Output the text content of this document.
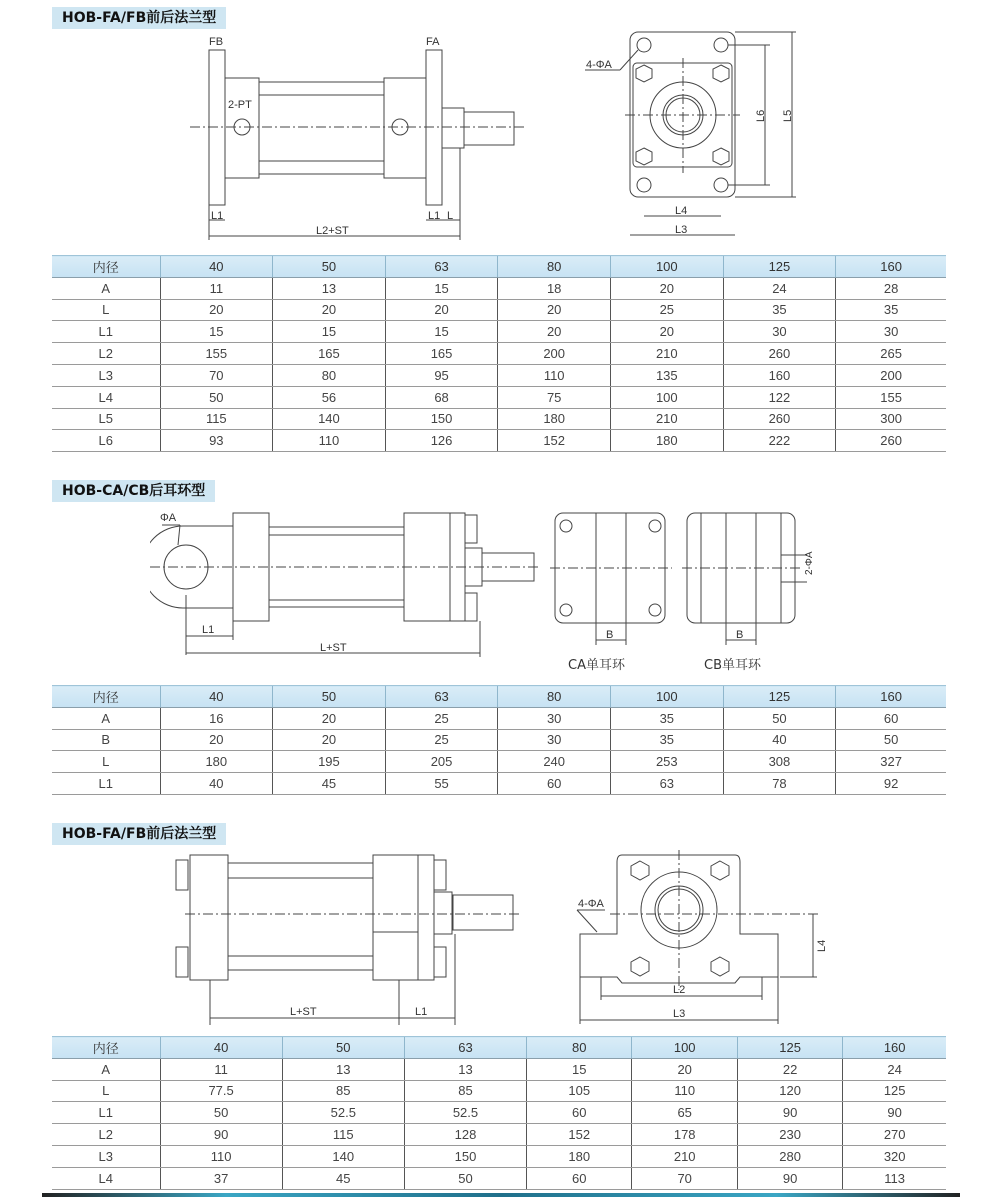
HOB-FA/FB前后法兰型
FB	FA
2-PT
L1	L1 L
L2+ST
4-ΦA
L4
L3
L6 L5
内径	40	50	63	80	100	125	160
A	11	13	15	18	20	24	28
L	20	20	20	20	25	35	35
L1	15	15	15	20	20	30	30
L2	155	165	165	200	210	260	265
L3	70	80	95	110	135	160	200
L4	50	56	68	75	100	122	155
L5	115	140	150	180	210	260	300
L6	93	110	126	152	180	222	260
HOB-CA/CB后耳环型
ΦA
L1
L+ST
B
CA单耳环
B
2-ΦA
CB单耳环
内径	40	50	63	80	100	125	160
A	16	20	25	30	35	50	60
B	20	20	25	30	35	40	50
L	180	195	205	240	253	308	327
L1	40	45	55	60	63	78	92
HOB-FA/FB前后法兰型
L+ST	L1
4-ΦA
L2
L3
L4
内径	40	50	63	80	100	125	160
A	11	13	13	15	20	22	24
L	77.5	85	85	105	110	120	125
L1	50	52.5	52.5	60	65	90	90
L2	90	115	128	152	178	230	270
L3	110	140	150	180	210	280	320
L4	37	45	50	60	70	90	113
